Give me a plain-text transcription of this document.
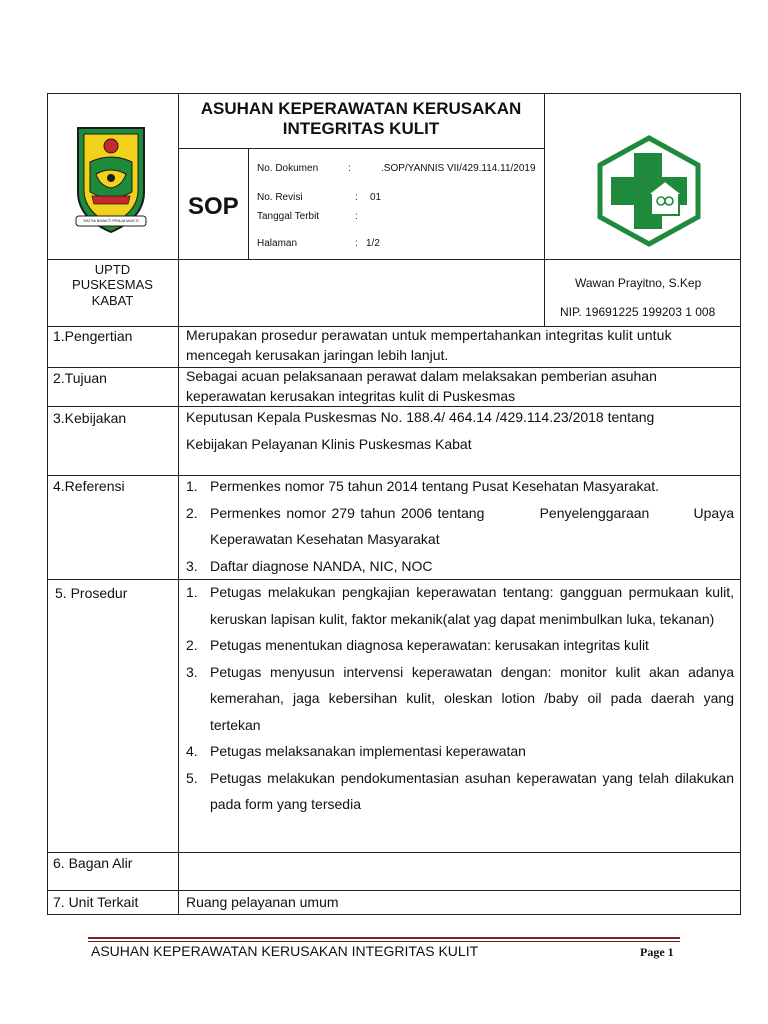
SATYA BHAKTI PRAJA MUKTI
ASUHAN KEPERAWATAN KERUSAKAN
INTEGRITAS KULIT
SOP
No. Dokumen	:	.SOP/YANNIS VII/429.114.11/2019
No. Revisi	: 01
Tanggal Terbit	:
Halaman	: 1/2
UPTD
PUSKESMAS
KABAT
Wawan Prayitno, S.Kep
NIP. 19691225 199203 1 008
1.Pengertian	Merupakan prosedur perawatan untuk mempertahankan integritas kulit untuk
mencegah kerusakan jaringan lebih lanjut.
2.Tujuan	Sebagai acuan pelaksanaan perawat dalam melaksakan pemberian asuhan
keperawatan kerusakan integritas kulit di Puskesmas
3.Kebijakan	Keputusan Kepala Puskesmas No. 188.4/ 464.14 /429.114.23/2018 tentang
Kebijakan Pelayanan Klinis Puskesmas Kabat
4.Referensi	1. Permenkes nomor 75 tahun 2014 tentang Pusat Kesehatan Masyarakat.
2. Permenkes nomor 279 tahun 2006 tentang          Penyelenggaraan        Upaya Keperawatan Kesehatan Masyarakat
3. Daftar diagnose NANDA, NIC, NOC
5. Prosedur	1. Petugas melakukan pengkajian keperawatan tentang: gangguan permukaan kulit, keruskan lapisan kulit, faktor mekanik(alat yag dapat menimbulkan luka, tekanan)
2. Petugas menentukan diagnosa keperawatan: kerusakan integritas kulit
3. Petugas menyusun intervensi keperawatan dengan: monitor kulit akan adanya kemerahan, jaga kebersihan kulit, oleskan lotion /baby oil pada daerah yang tertekan
4. Petugas melaksanakan implementasi keperawatan
5. Petugas melakukan pendokumentasian asuhan keperawatan yang telah dilakukan pada form yang tersedia
6. Bagan Alir
7. Unit Terkait	Ruang pelayanan umum
ASUHAN KEPERAWATAN KERUSAKAN INTEGRITAS KULIT	Page 1
